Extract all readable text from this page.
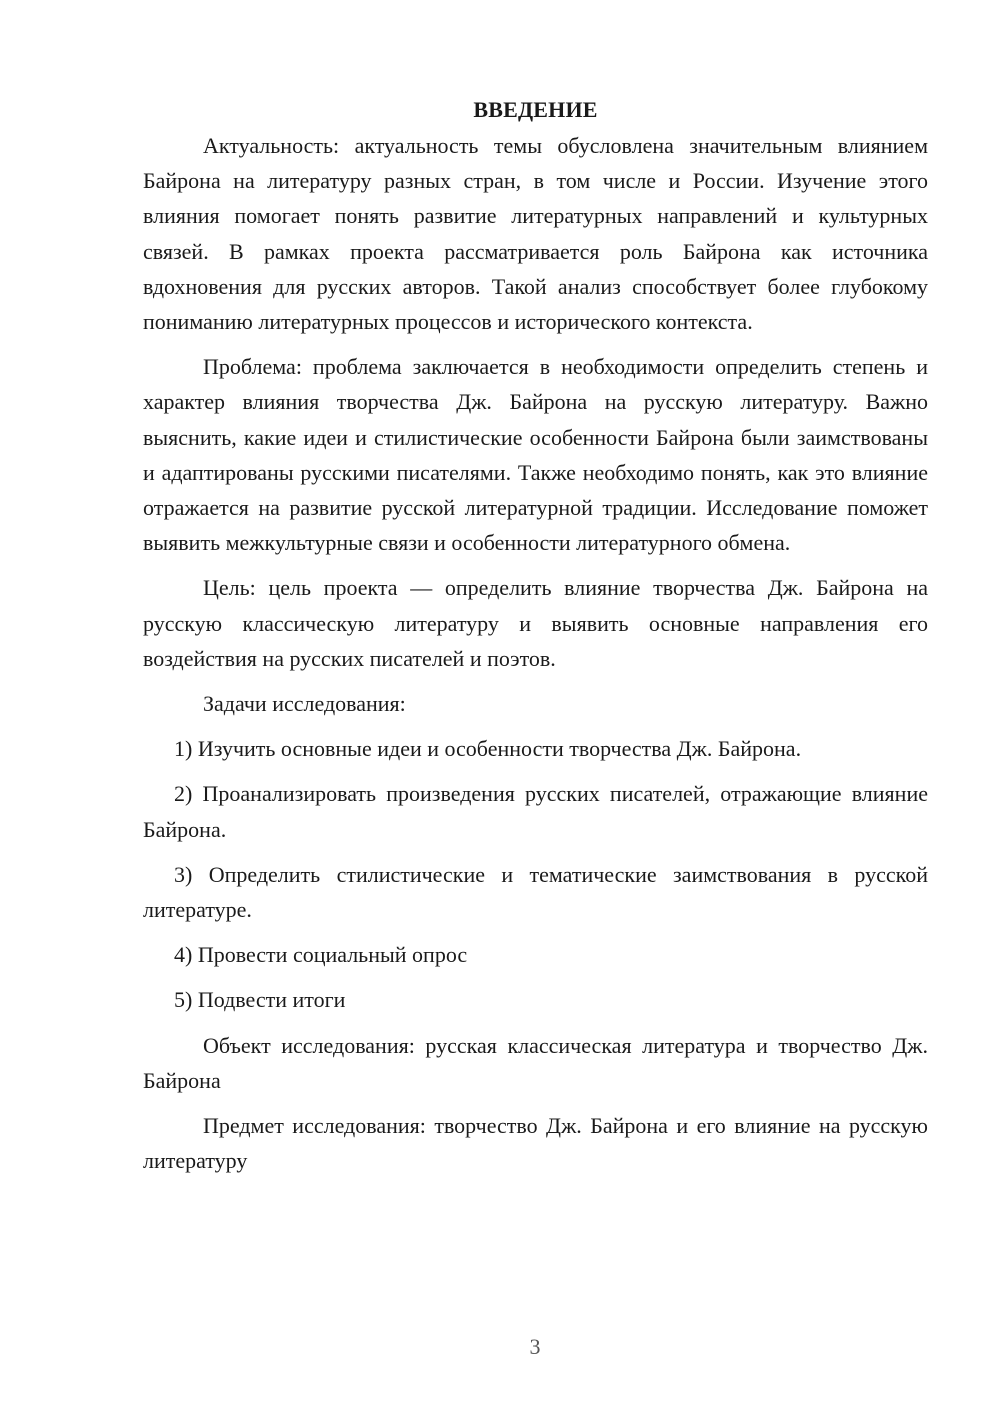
ВВЕДЕНИЕ

Актуальность: актуальность темы обусловлена значительным влиянием Байрона на литературу разных стран, в том числе и России. Изучение этого влияния помогает понять развитие литературных направлений и культурных связей. В рамках проекта рассматривается роль Байрона как источника вдохновения для русских авторов. Такой анализ способствует более глубокому пониманию литературных процессов и исторического контекста.

Проблема: проблема заключается в необходимости определить степень и характер влияния творчества Дж. Байрона на русскую литературу. Важно выяснить, какие идеи и стилистические особенности Байрона были заимствованы и адаптированы русскими писателями. Также необходимо понять, как это влияние отражается на развитие русской литературной традиции. Исследование поможет выявить межкультурные связи и особенности литературного обмена.

Цель: цель проекта — определить влияние творчества Дж. Байрона на русскую классическую литературу и выявить основные направления его воздействия на русских писателей и поэтов.

Задачи исследования:

1) Изучить основные идеи и особенности творчества Дж. Байрона.

2) Проанализировать произведения русских писателей, отражающие влияние Байрона.

3) Определить стилистические и тематические заимствования в русской литературе.

4) Провести социальный опрос

5) Подвести итоги

Объект исследования: русская классическая литература и творчество Дж. Байрона

Предмет исследования: творчество Дж. Байрона и его влияние на русскую литературу

3
